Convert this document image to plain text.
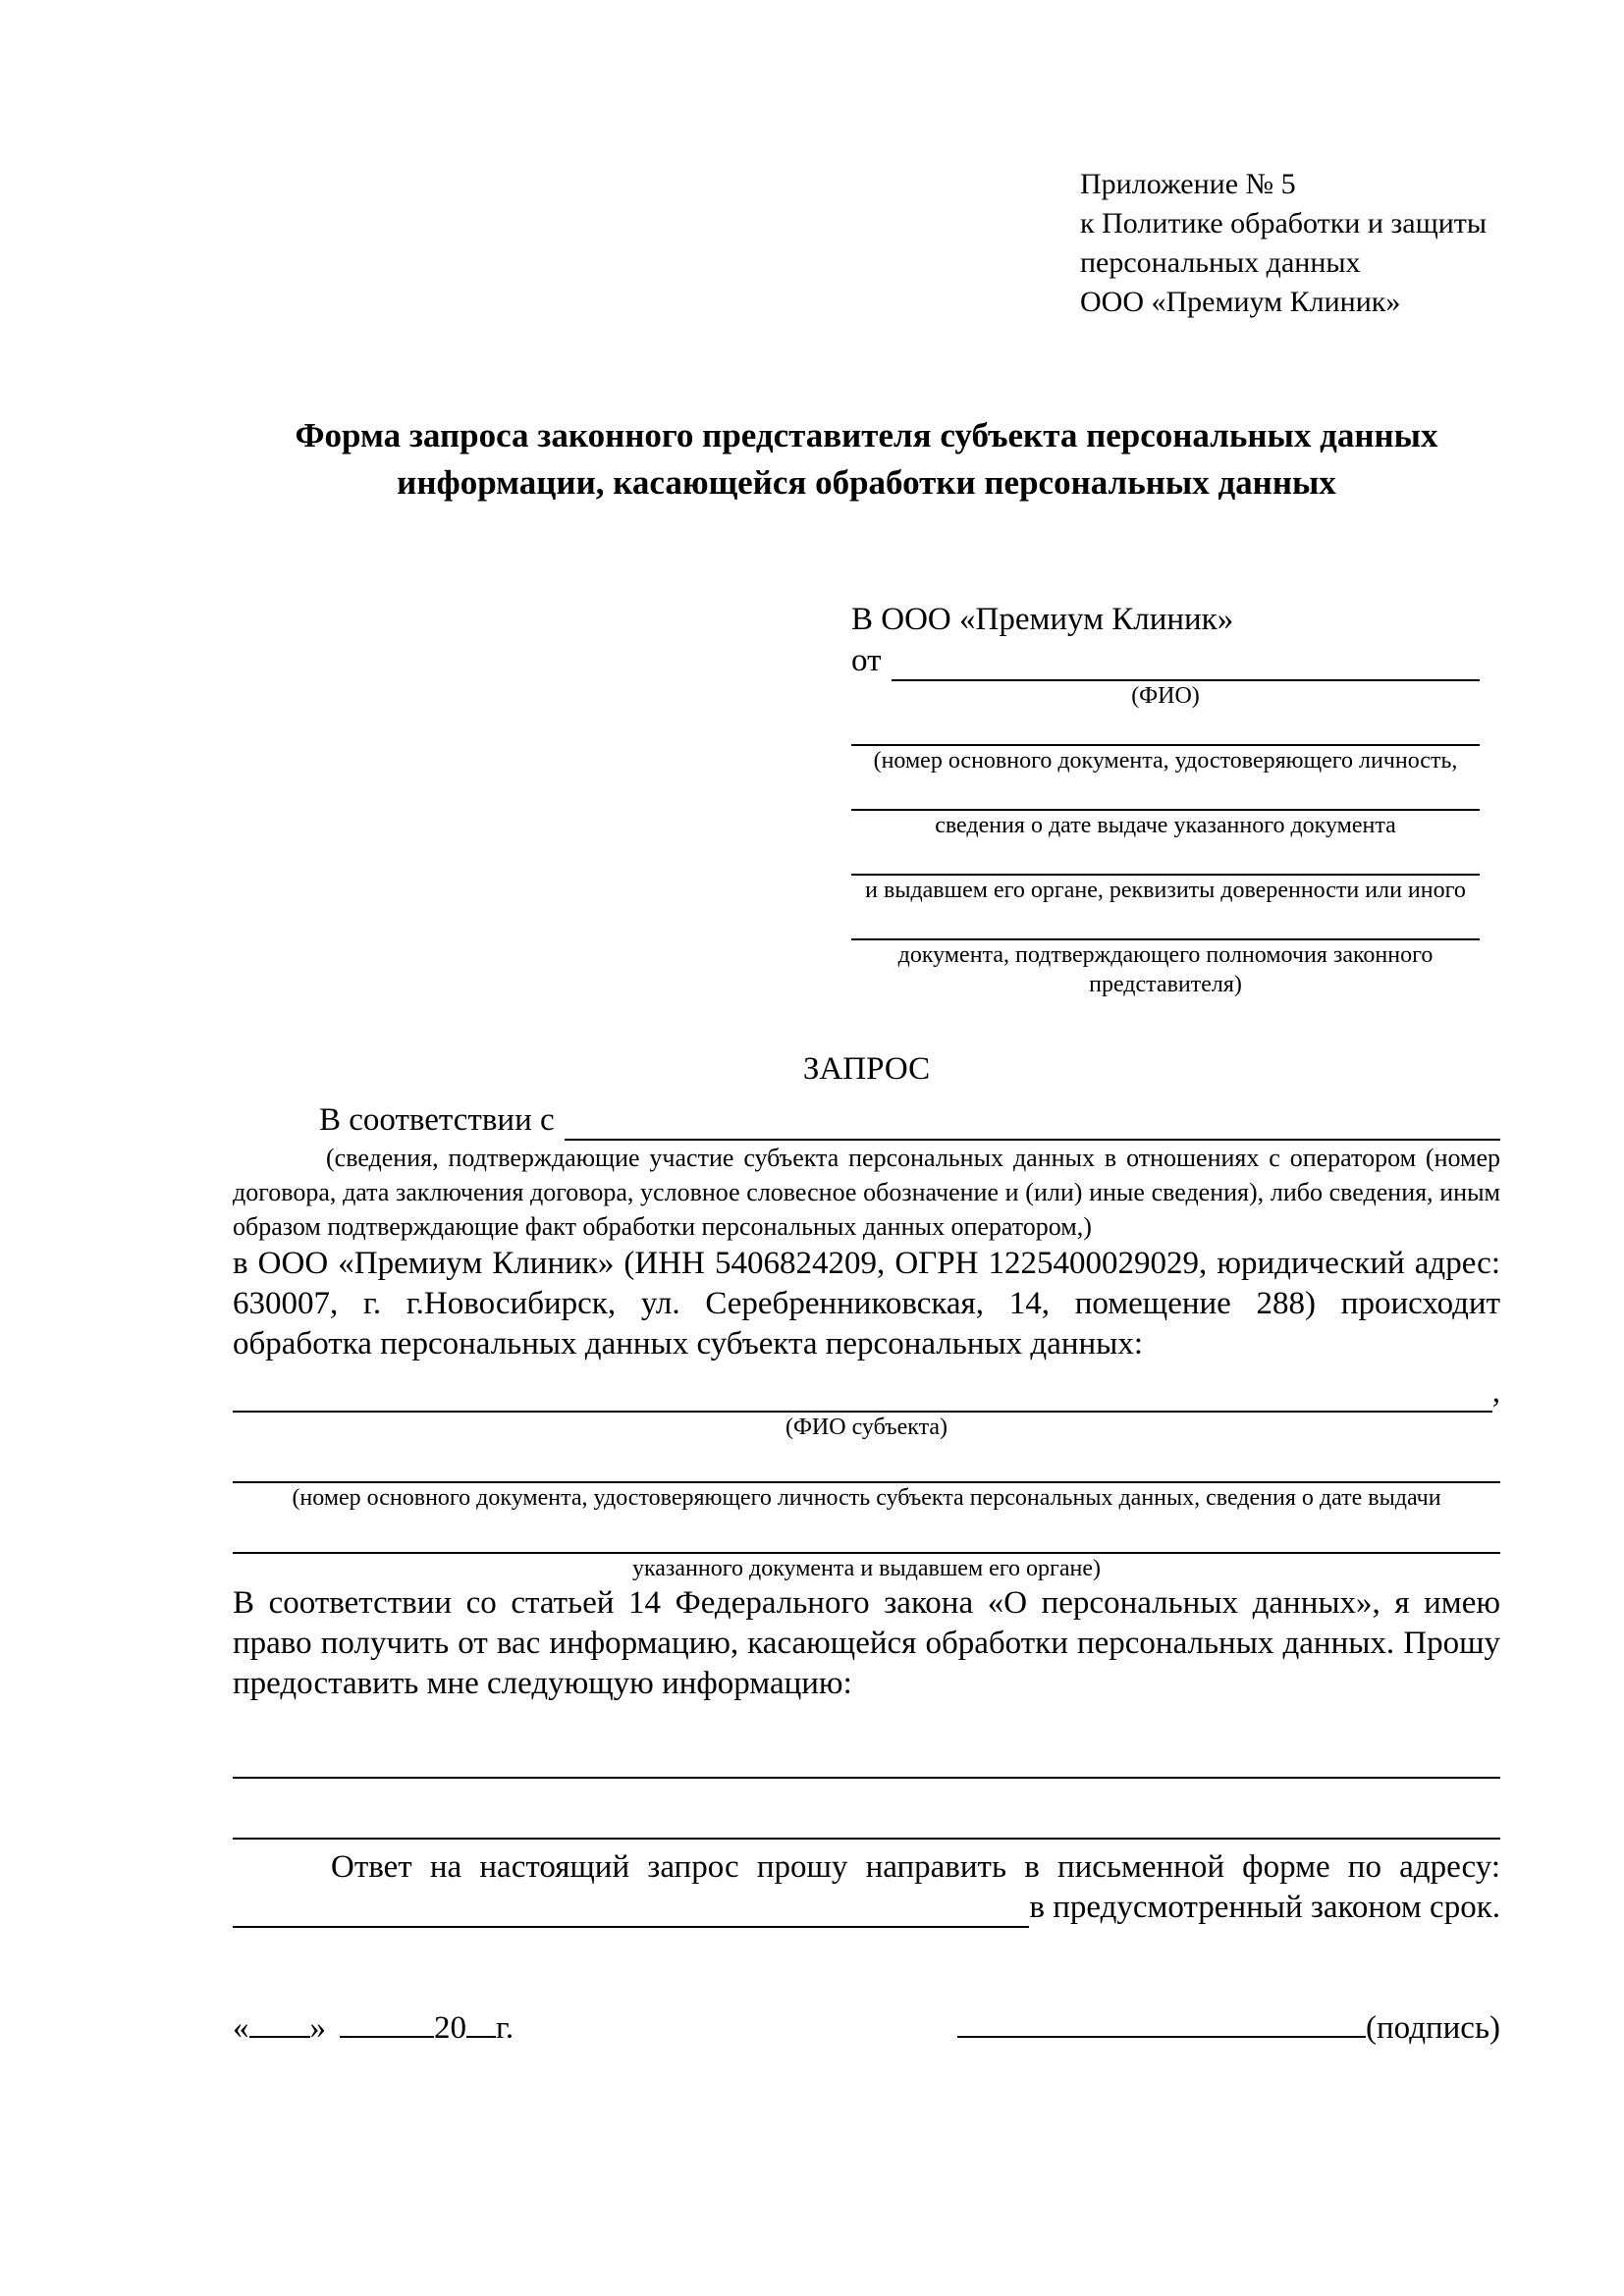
Приложение № 5
к Политике обработки и защиты
персональных данных
ООО «Премиум Клиник»
Форма запроса законного представителя субъекта персональных данных информации, касающейся обработки персональных данных
В ООО «Премиум Клиник»
от
(ФИО)
(номер основного документа, удостоверяющего личность,
сведения о дате выдаче указанного документа
и выдавшем его органе, реквизиты доверенности или иного
документа, подтверждающего полномочия законного представителя)
ЗАПРОС
В соответствии с
(сведения, подтверждающие участие субъекта персональных данных в отношениях с оператором (номер договора, дата заключения договора, условное словесное обозначение и (или) иные сведения), либо сведения, иным образом подтверждающие факт обработки персональных данных оператором,)
в ООО «Премиум Клиник» (ИНН 5406824209, ОГРН 1225400029029, юридический адрес: 630007, г. г.Новосибирск, ул. Серебренниковская, 14, помещение 288) происходит обработка персональных данных субъекта персональных данных:
,
(ФИО субъекта)
(номер основного документа, удостоверяющего личность субъекта персональных данных, сведения о дате выдачи
указанного документа и выдавшем его органе)
В соответствии со статьей 14 Федерального закона «О персональных данных», я имею право получить от вас информацию, касающейся обработки персональных данных. Прошу предоставить мне следующую информацию:
Ответ на настоящий запрос прошу направить в письменной форме по адресу:
в предусмотренный законом срок.
« »	20 г.	(подпись)
